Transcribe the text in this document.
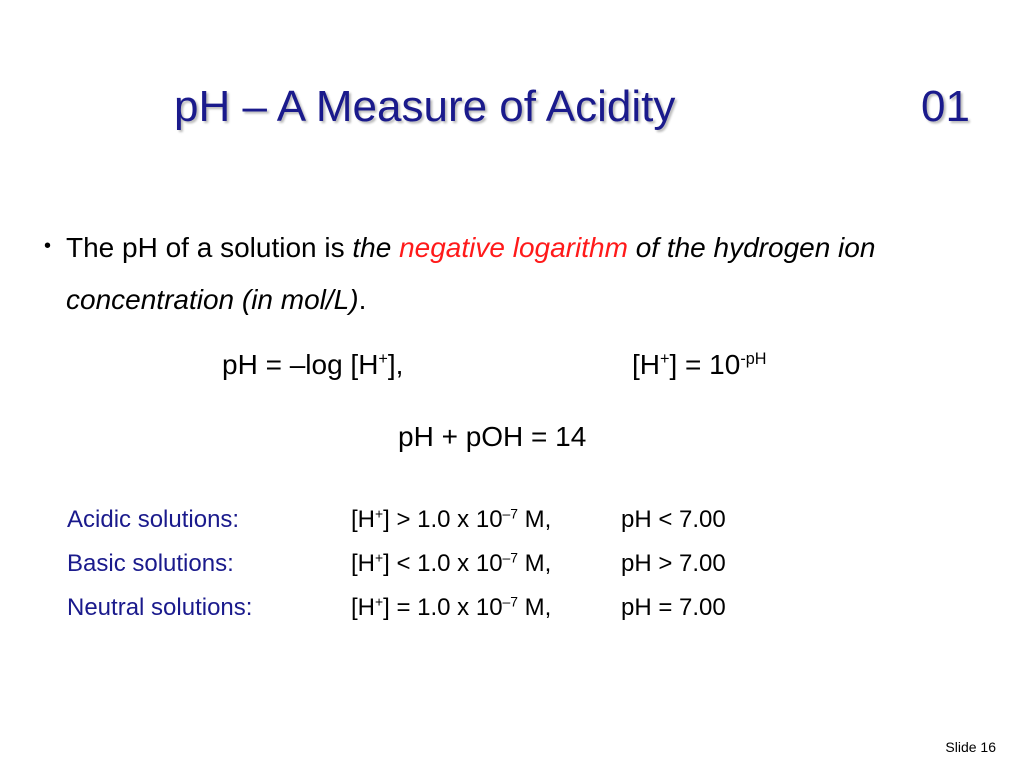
pH – A Measure of Acidity	01
• The pH of a solution is the negative logarithm of the hydrogen ion concentration (in mol/L).
pH = –log [H+],	$[H^+] = 10^{-pH}$
pH + pOH = 14
Acidic solutions:	[H+] > 1.0 x $10^{-7}$ M,	pH < 7.00
Basic solutions:	[H+] < 1.0 x $10^{-7}$ M,	pH > 7.00
Neutral solutions:	[H+] = 1.0 x $10^{-7}$ M,	pH = 7.00
Slide 16
